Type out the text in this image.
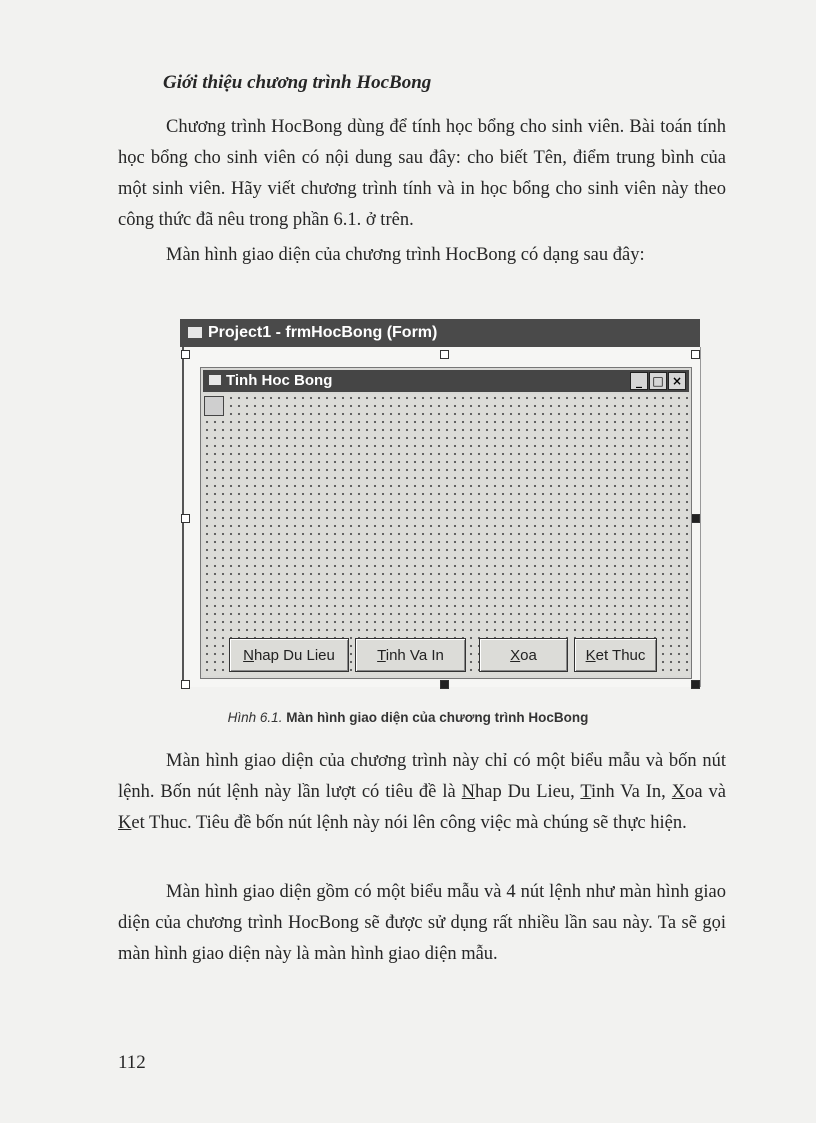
Giới thiệu chương trình HocBong

Chương trình HocBong dùng để tính học bổng cho sinh viên. Bài toán tính học bổng cho sinh viên có nội dung sau đây: cho biết Tên, điểm trung bình của một sinh viên. Hãy viết chương trình tính và in học bổng cho sinh viên này theo công thức đã nêu trong phần 6.1. ở trên.

Màn hình giao diện của chương trình HocBong có dạng sau đây:

Project1 - frmHocBong (Form)
Tinh Hoc Bong	_ □ ×
Nhap Du Lieu	Tinh Va In	Xoa	Ket Thuc
Hình 6.1. Màn hình giao diện của chương trình HocBong

Màn hình giao diện của chương trình này chỉ có một biểu mẫu và bốn nút lệnh. Bốn nút lệnh này lần lượt có tiêu đề là Nhap Du Lieu, Tinh Va In, Xoa và Ket Thuc. Tiêu đề bốn nút lệnh này nói lên công việc mà chúng sẽ thực hiện.

Màn hình giao diện gồm có một biểu mẫu và 4 nút lệnh như màn hình giao diện của chương trình HocBong sẽ được sử dụng rất nhiều lần sau này. Ta sẽ gọi màn hình giao diện này là màn hình giao diện mẫu.

112
